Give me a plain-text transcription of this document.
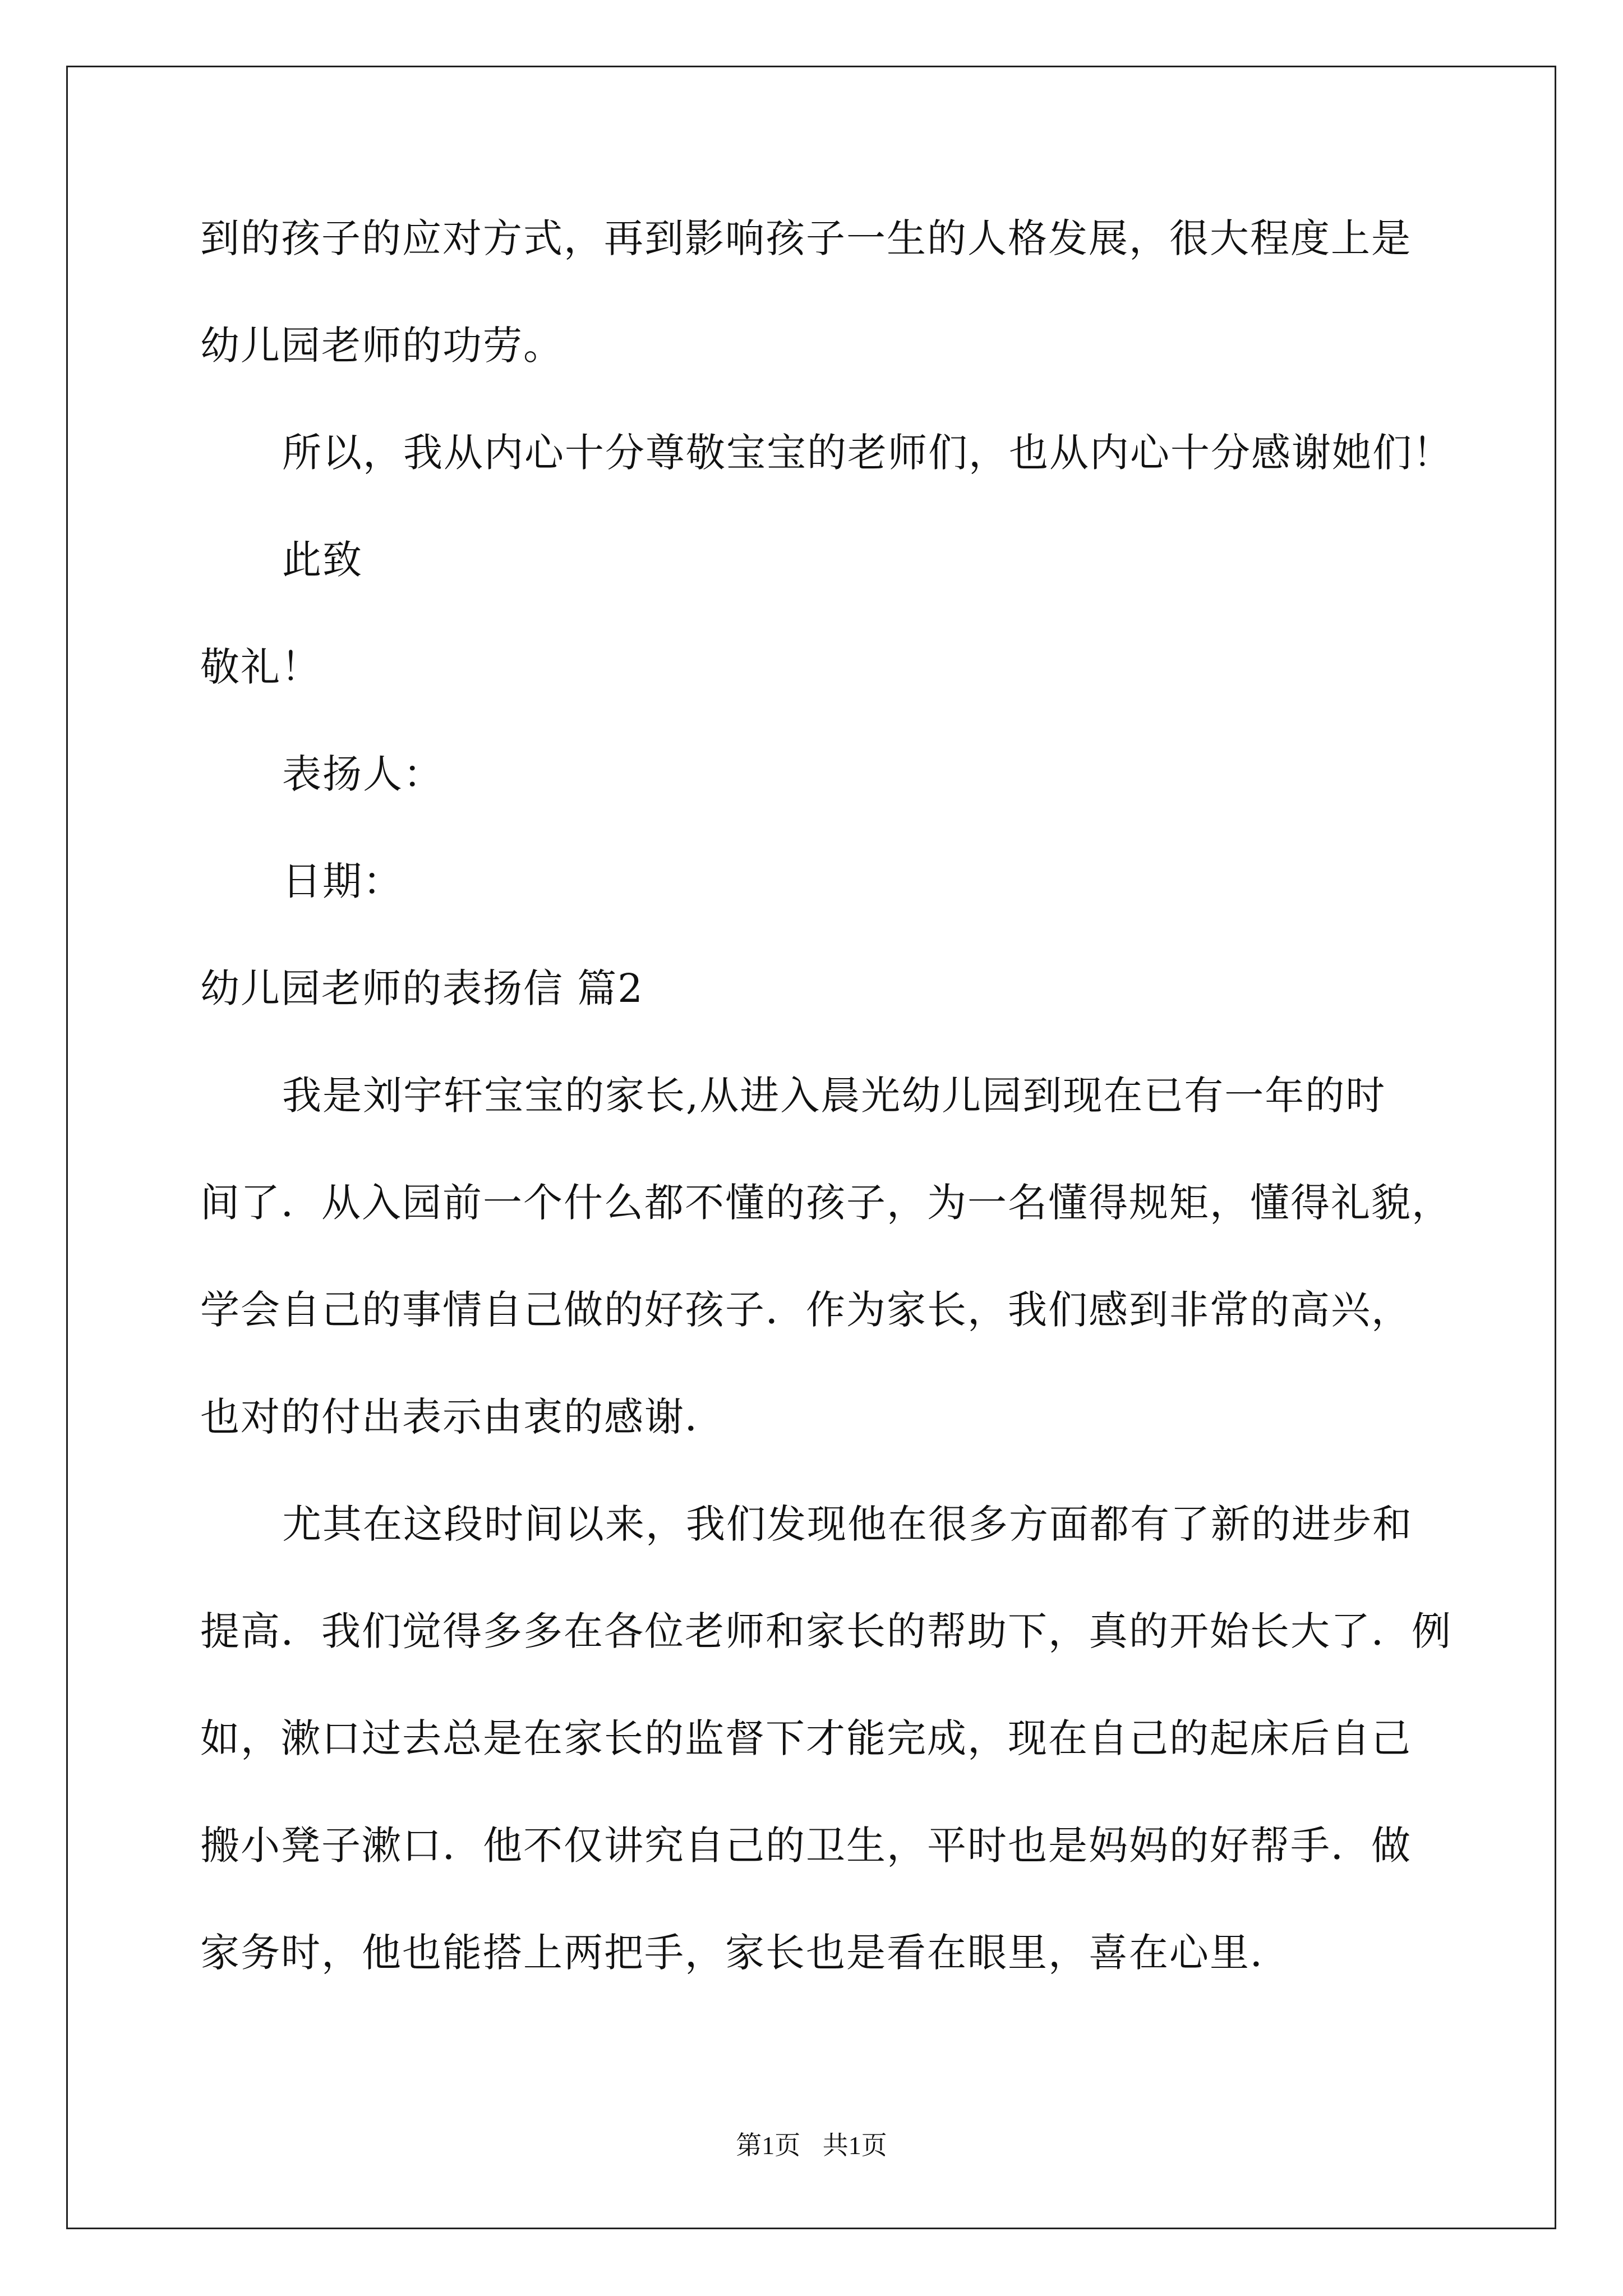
到的孩子的应对方式，再到影响孩子一生的人格发展，很大程度上是
幼儿园老师的功劳。
所以，我从内心十分尊敬宝宝的老师们，也从内心十分感谢她们！
此致
敬礼！
表扬人：
日期：
幼儿园老师的表扬信 篇2
我是刘宇轩宝宝的家长,从进入晨光幼儿园到现在已有一年的时
间了．从入园前一个什么都不懂的孩子，为一名懂得规矩，懂得礼貌，
学会自己的事情自己做的好孩子．作为家长，我们感到非常的高兴，
也对的付出表示由衷的感谢．
尤其在这段时间以来，我们发现他在很多方面都有了新的进步和
提高．我们觉得多多在各位老师和家长的帮助下，真的开始长大了．例
如，漱口过去总是在家长的监督下才能完成，现在自己的起床后自己
搬小凳子漱口．他不仅讲究自己的卫生，平时也是妈妈的好帮手．做
家务时，他也能搭上两把手，家长也是看在眼里，喜在心里．
第1页 共1页
